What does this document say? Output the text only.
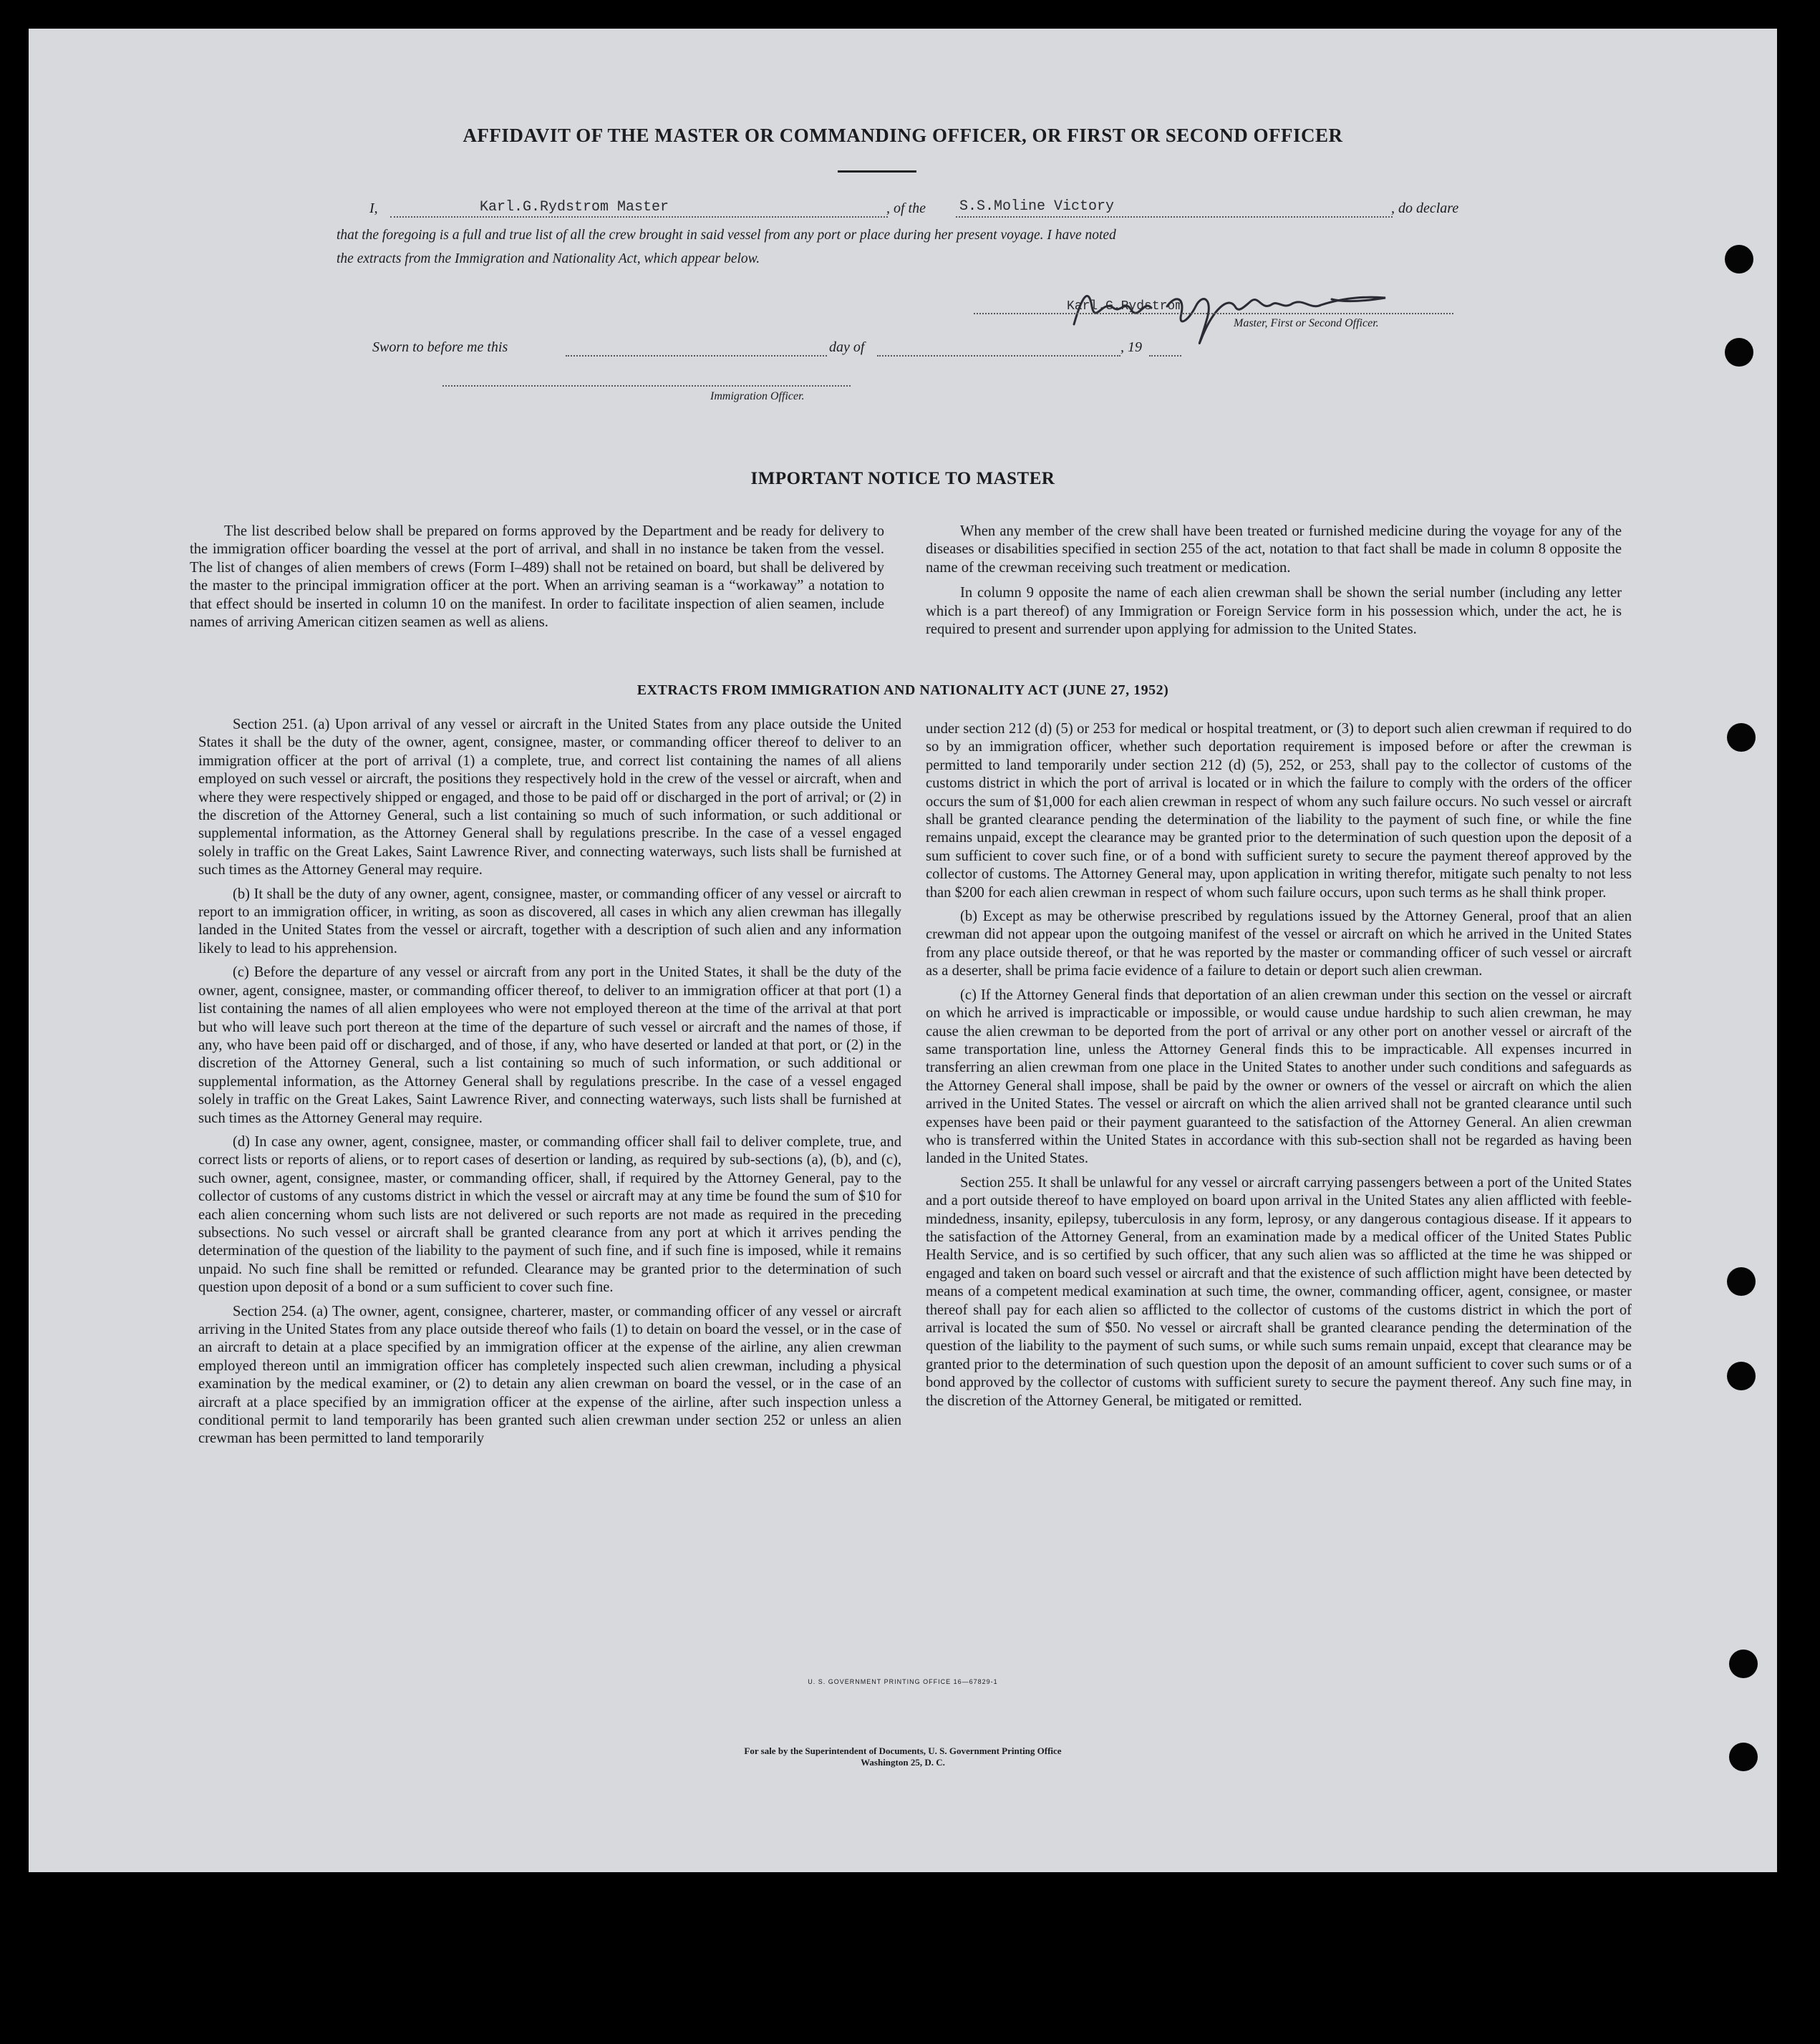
AFFIDAVIT OF THE MASTER OR COMMANDING OFFICER, OR FIRST OR SECOND OFFICER
I,	Karl.G.Rydstrom Master	, of the S.S.Moline Victory	, do declare
that the foregoing is a full and true list of all the crew brought in said vessel from any port or place during her present voyage. I have noted
the extracts from the Immigration and Nationality Act, which appear below.
Karl.G.Rydstrom
Master, First or Second Officer.
Sworn to before me this	day of	, 19
Immigration Officer.
IMPORTANT NOTICE TO MASTER

The list described below shall be prepared on forms approved by the Department and be ready for delivery to the immigration officer boarding the vessel at the port of arrival, and shall in no instance be taken from the vessel. The list of changes of alien members of crews (Form I–489) shall not be retained on board, but shall be delivered by the master to the principal immigration officer at the port. When an arriving seaman is a “workaway” a notation to that effect should be inserted in column 10 on the manifest. In order to facilitate inspection of alien seamen, include names of arriving American citizen seamen as well as aliens.

When any member of the crew shall have been treated or furnished medicine during the voyage for any of the diseases or disabilities specified in section 255 of the act, notation to that fact shall be made in column 8 opposite the name of the crewman receiving such treatment or medication.

In column 9 opposite the name of each alien crewman shall be shown the serial number (including any letter which is a part thereof) of any Immigration or Foreign Service form in his possession which, under the act, he is required to present and surrender upon applying for admission to the United States.

EXTRACTS FROM IMMIGRATION AND NATIONALITY ACT (JUNE 27, 1952)

Section 251. (a) Upon arrival of any vessel or aircraft in the United States from any place outside the United States it shall be the duty of the owner, agent, consignee, master, or commanding officer thereof to deliver to an immigration officer at the port of arrival (1) a complete, true, and correct list containing the names of all aliens employed on such vessel or aircraft, the positions they respectively hold in the crew of the vessel or aircraft, when and where they were respectively shipped or engaged, and those to be paid off or discharged in the port of arrival; or (2) in the discretion of the Attorney General, such a list containing so much of such information, or such additional or supplemental information, as the Attorney General shall by regulations prescribe. In the case of a vessel engaged solely in traffic on the Great Lakes, Saint Lawrence River, and connecting waterways, such lists shall be furnished at such times as the Attorney General may require.

(b) It shall be the duty of any owner, agent, consignee, master, or commanding officer of any vessel or aircraft to report to an immigration officer, in writing, as soon as discovered, all cases in which any alien crewman has illegally landed in the United States from the vessel or aircraft, together with a description of such alien and any information likely to lead to his apprehension.

(c) Before the departure of any vessel or aircraft from any port in the United States, it shall be the duty of the owner, agent, consignee, master, or commanding officer thereof, to deliver to an immigration officer at that port (1) a list containing the names of all alien employees who were not employed thereon at the time of the arrival at that port but who will leave such port thereon at the time of the departure of such vessel or aircraft and the names of those, if any, who have been paid off or discharged, and of those, if any, who have deserted or landed at that port, or (2) in the discretion of the Attorney General, such a list containing so much of such information, or such additional or supplemental information, as the Attorney General shall by regulations prescribe. In the case of a vessel engaged solely in traffic on the Great Lakes, Saint Lawrence River, and connecting waterways, such lists shall be furnished at such times as the Attorney General may require.

(d) In case any owner, agent, consignee, master, or commanding officer shall fail to deliver complete, true, and correct lists or reports of aliens, or to report cases of desertion or landing, as required by sub-sections (a), (b), and (c), such owner, agent, consignee, master, or commanding officer, shall, if required by the Attorney General, pay to the collector of customs of any customs district in which the vessel or aircraft may at any time be found the sum of $10 for each alien concerning whom such lists are not delivered or such reports are not made as required in the preceding subsections. No such vessel or aircraft shall be granted clearance from any port at which it arrives pending the determination of the question of the liability to the payment of such fine, and if such fine is imposed, while it remains unpaid. No such fine shall be remitted or refunded. Clearance may be granted prior to the determination of such question upon deposit of a bond or a sum sufficient to cover such fine.

Section 254. (a) The owner, agent, consignee, charterer, master, or commanding officer of any vessel or aircraft arriving in the United States from any place outside thereof who fails (1) to detain on board the vessel, or in the case of an aircraft to detain at a place specified by an immigration officer at the expense of the airline, any alien crewman employed thereon until an immigration officer has completely inspected such alien crewman, including a physical examination by the medical examiner, or (2) to detain any alien crewman on board the vessel, or in the case of an aircraft at a place specified by an immigration officer at the expense of the airline, after such inspection unless a conditional permit to land temporarily has been granted such alien crewman under section 252 or unless an alien crewman has been permitted to land temporarily

under section 212 (d) (5) or 253 for medical or hospital treatment, or (3) to deport such alien crewman if required to do so by an immigration officer, whether such deportation requirement is imposed before or after the crewman is permitted to land temporarily under section 212 (d) (5), 252, or 253, shall pay to the collector of customs of the customs district in which the port of arrival is located or in which the failure to comply with the orders of the officer occurs the sum of $1,000 for each alien crewman in respect of whom any such failure occurs. No such vessel or aircraft shall be granted clearance pending the determination of the liability to the payment of such fine, or while the fine remains unpaid, except the clearance may be granted prior to the determination of such question upon the deposit of a sum sufficient to cover such fine, or of a bond with sufficient surety to secure the payment thereof approved by the collector of customs. The Attorney General may, upon application in writing therefor, mitigate such penalty to not less than $200 for each alien crewman in respect of whom such failure occurs, upon such terms as he shall think proper.

(b) Except as may be otherwise prescribed by regulations issued by the Attorney General, proof that an alien crewman did not appear upon the outgoing manifest of the vessel or aircraft on which he arrived in the United States from any place outside thereof, or that he was reported by the master or commanding officer of such vessel or aircraft as a deserter, shall be prima facie evidence of a failure to detain or deport such alien crewman.

(c) If the Attorney General finds that deportation of an alien crewman under this section on the vessel or aircraft on which he arrived is impracticable or impossible, or would cause undue hardship to such alien crewman, he may cause the alien crewman to be deported from the port of arrival or any other port on another vessel or aircraft of the same transportation line, unless the Attorney General finds this to be impracticable. All expenses incurred in transferring an alien crewman from one place in the United States to another under such conditions and safeguards as the Attorney General shall impose, shall be paid by the owner or owners of the vessel or aircraft on which the alien arrived in the United States. The vessel or aircraft on which the alien arrived shall not be granted clearance until such expenses have been paid or their payment guaranteed to the satisfaction of the Attorney General. An alien crewman who is transferred within the United States in accordance with this sub-section shall not be regarded as having been landed in the United States.

Section 255. It shall be unlawful for any vessel or aircraft carrying passengers between a port of the United States and a port outside thereof to have employed on board upon arrival in the United States any alien afflicted with feeble-mindedness, insanity, epilepsy, tuberculosis in any form, leprosy, or any dangerous contagious disease. If it appears to the satisfaction of the Attorney General, from an examination made by a medical officer of the United States Public Health Service, and is so certified by such officer, that any such alien was so afflicted at the time he was shipped or engaged and taken on board such vessel or aircraft and that the existence of such affliction might have been detected by means of a competent medical examination at such time, the owner, commanding officer, agent, consignee, or master thereof shall pay for each alien so afflicted to the collector of customs of the customs district in which the port of arrival is located the sum of $50. No vessel or aircraft shall be granted clearance pending the determination of the question of the liability to the payment of such sums, or while such sums remain unpaid, except that clearance may be granted prior to the determination of such question upon the deposit of an amount sufficient to cover such sums or of a bond approved by the collector of customs with sufficient surety to secure the payment thereof. Any such fine may, in the discretion of the Attorney General, be mitigated or remitted.

U. S. GOVERNMENT PRINTING OFFICE 16—67829-1
For sale by the Superintendent of Documents, U. S. Government Printing Office
Washington 25, D. C.
